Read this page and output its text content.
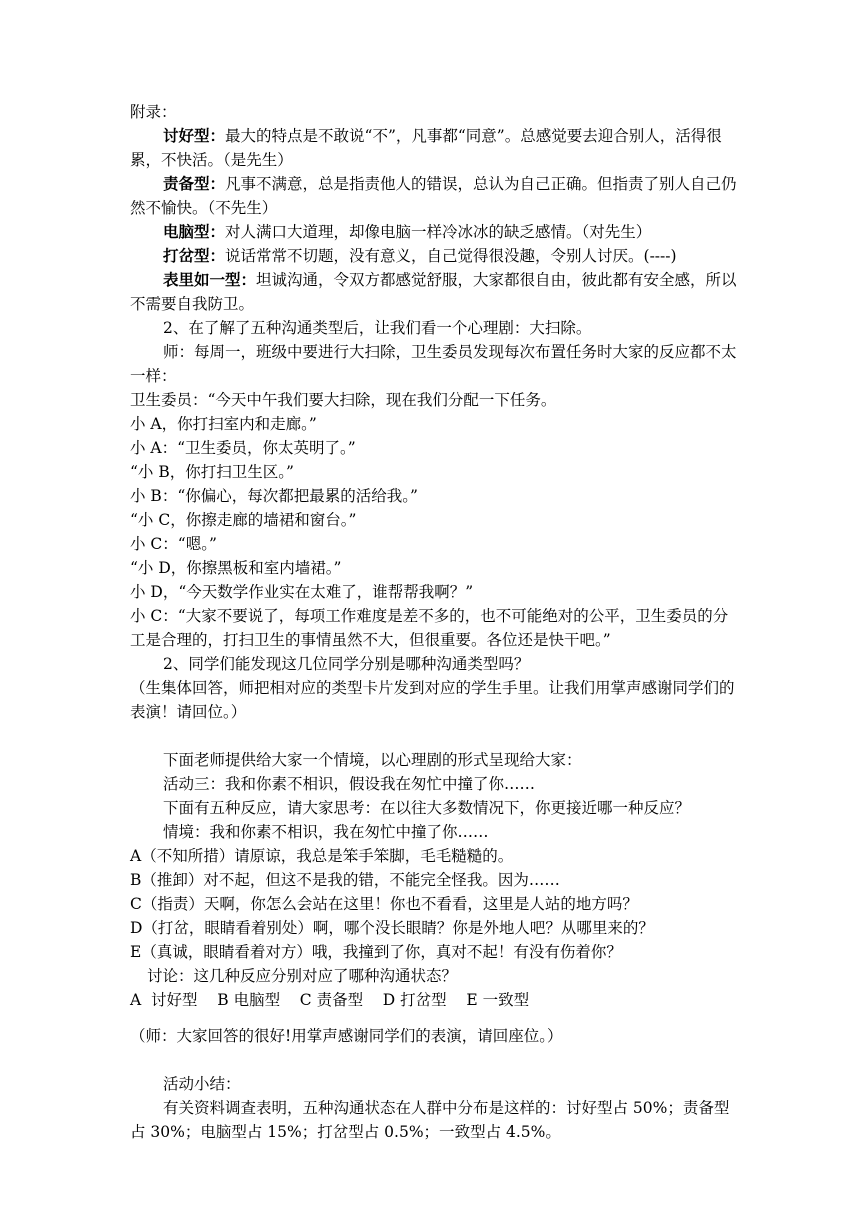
附录：

讨好型：最大的特点是不敢说“不”，凡事都“同意”。总感觉要去迎合别人，活得很累，不快活。（是先生）

责备型：凡事不满意，总是指责他人的错误，总认为自己正确。但指责了别人自己仍然不愉快。（不先生）

电脑型：对人满口大道理，却像电脑一样冷冰冰的缺乏感情。（对先生）

打岔型：说话常常不切题，没有意义，自己觉得很没趣，令别人讨厌。(----)

表里如一型：坦诚沟通，令双方都感觉舒服，大家都很自由，彼此都有安全感，所以不需要自我防卫。

2、在了解了五种沟通类型后，让我们看一个心理剧：大扫除。

师：每周一，班级中要进行大扫除，卫生委员发现每次布置任务时大家的反应都不太一样：

卫生委员：“今天中午我们要大扫除，现在我们分配一下任务。

小 A，你打扫室内和走廊。”

小 A：“卫生委员，你太英明了。”

“小 B，你打扫卫生区。”

小 B：“你偏心，每次都把最累的活给我。”

“小 C，你擦走廊的墙裙和窗台。”

小 C：“嗯。”

“小 D，你擦黑板和室内墙裙。”

小 D，“今天数学作业实在太难了，谁帮帮我啊？”

小 C：“大家不要说了，每项工作难度是差不多的，也不可能绝对的公平，卫生委员的分工是合理的，打扫卫生的事情虽然不大，但很重要。各位还是快干吧。”

2、同学们能发现这几位同学分别是哪种沟通类型吗？

（生集体回答，师把相对应的类型卡片发到对应的学生手里。让我们用掌声感谢同学们的表演！请回位。）

下面老师提供给大家一个情境，以心理剧的形式呈现给大家：

活动三：我和你素不相识，假设我在匆忙中撞了你……

下面有五种反应，请大家思考：在以往大多数情况下，你更接近哪一种反应？

情境：我和你素不相识，我在匆忙中撞了你……

A（不知所措）请原谅，我总是笨手笨脚，毛毛糙糙的。

B（推卸）对不起，但这不是我的错，不能完全怪我。因为……

C（指责）天啊，你怎么会站在这里！你也不看看，这里是人站的地方吗？

D（打岔，眼睛看着别处）啊，哪个没长眼睛？你是外地人吧？从哪里来的？

E（真诚，眼睛看着对方）哦，我撞到了你，真对不起！有没有伤着你？

讨论：这几种反应分别对应了哪种沟通状态？

A  讨好型    B 电脑型    C 责备型    D 打岔型    E 一致型

（师：大家回答的很好!用掌声感谢同学们的表演，请回座位。）

活动小结：

有关资料调查表明，五种沟通状态在人群中分布是这样的：讨好型占 50%；责备型占 30%；电脑型占 15%；打岔型占 0.5%；一致型占 4.5%。
